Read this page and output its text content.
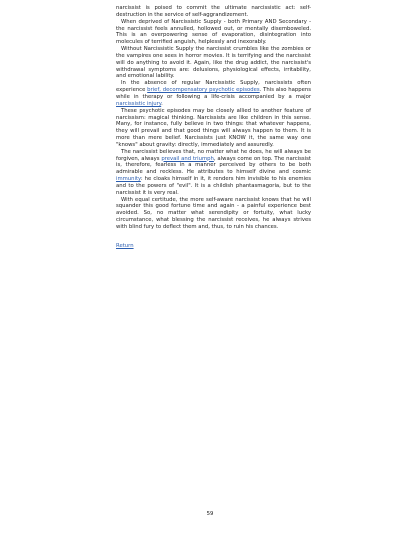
narcissist is poised to commit the ultimate narcissistic act: self-destruction in the service of self-aggrandizement.

When deprived of Narcissistic Supply - both Primary AND Secondary - the narcissist feels annulled, hollowed out, or mentally disemboweled. This is an overpowering sense of evaporation, disintegration into molecules of terrified anguish, helplessly and inexorably.

Without Narcissistic Supply the narcissist crumbles like the zombies or the vampires one sees in horror movies. It is terrifying and the narcissist will do anything to avoid it. Again, like the drug addict, the narcissist's withdrawal symptoms are: delusions, physiological effects, irritability, and emotional lability.

In the absence of regular Narcissistic Supply, narcissists often experience brief, decompensatory psychotic episodes. This also happens while in therapy or following a life-crisis accompanied by a major narcissistic injury.

These psychotic episodes may be closely allied to another feature of narcissism: magical thinking. Narcissists are like children in this sense. Many, for instance, fully believe in two things: that whatever happens, they will prevail and that good things will always happen to them. It is more than mere belief. Narcissists just KNOW it, the same way one "knows" about gravity: directly, immediately and assuredly.

The narcissist believes that, no matter what he does, he will always be forgiven, always prevail and triumph, always come on top. The narcissist is, therefore, fearless in a manner perceived by others to be both admirable and reckless. He attributes to himself divine and cosmic immunity: he cloaks himself in it, it renders him invisible to his enemies and to the powers of "evil". It is a childish phantasmagoria, but to the narcissist it is very real.

With equal certitude, the more self-aware narcissist knows that he will squander this good fortune time and again - a painful experience best avoided. So, no matter what serendipity or fortuity, what lucky circumstance, what blessing the narcissist receives, he always strives with blind fury to deflect them and, thus, to ruin his chances.

Return
59
